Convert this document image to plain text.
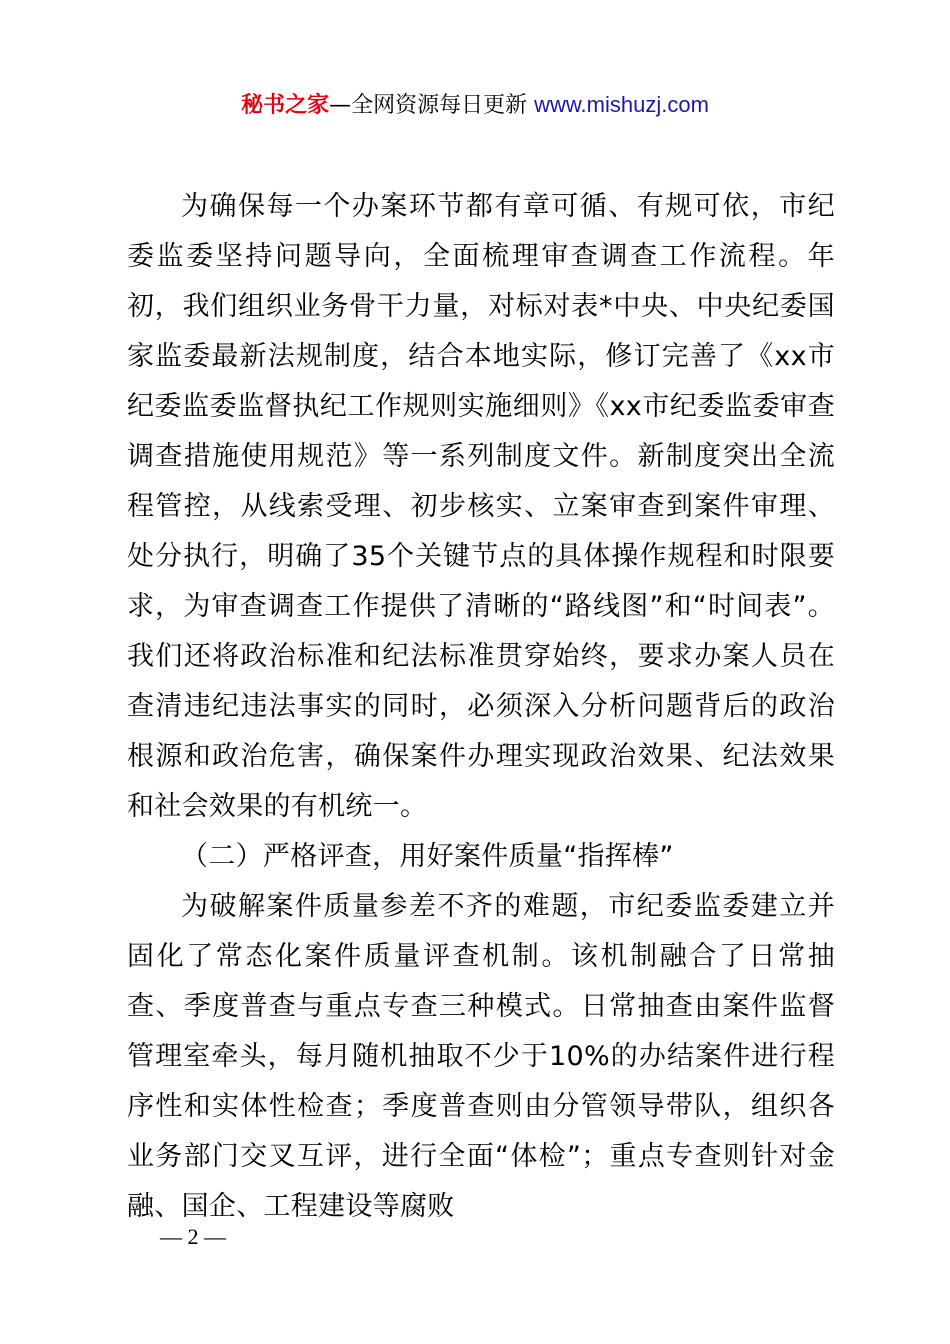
秘书之家—全网资源每日更新 www.mishuzj.com

为确保每一个办案环节都有章可循、有规可依，市纪委监委坚持问题导向，全面梳理审查调查工作流程。年初，我们组织业务骨干力量，对标对表*中央、中央纪委国家监委最新法规制度，结合本地实际，修订完善了《xx市纪委监委监督执纪工作规则实施细则》《xx市纪委监委审查调查措施使用规范》等一系列制度文件。新制度突出全流程管控，从线索受理、初步核实、立案审查到案件审理、处分执行，明确了35个关键节点的具体操作规程和时限要求，为审查调查工作提供了清晰的“路线图”和“时间表”。我们还将政治标准和纪法标准贯穿始终，要求办案人员在查清违纪违法事实的同时，必须深入分析问题背后的政治根源和政治危害，确保案件办理实现政治效果、纪法效果和社会效果的有机统一。

（二）严格评查，用好案件质量“指挥棒”

为破解案件质量参差不齐的难题，市纪委监委建立并固化了常态化案件质量评查机制。该机制融合了日常抽查、季度普查与重点专查三种模式。日常抽查由案件监督管理室牵头，每月随机抽取不少于10%的办结案件进行程序性和实体性检查；季度普查则由分管领导带队，组织各业务部门交叉互评，进行全面“体检”；重点专查则针对金融、国企、工程建设等腐败

— 2 —
